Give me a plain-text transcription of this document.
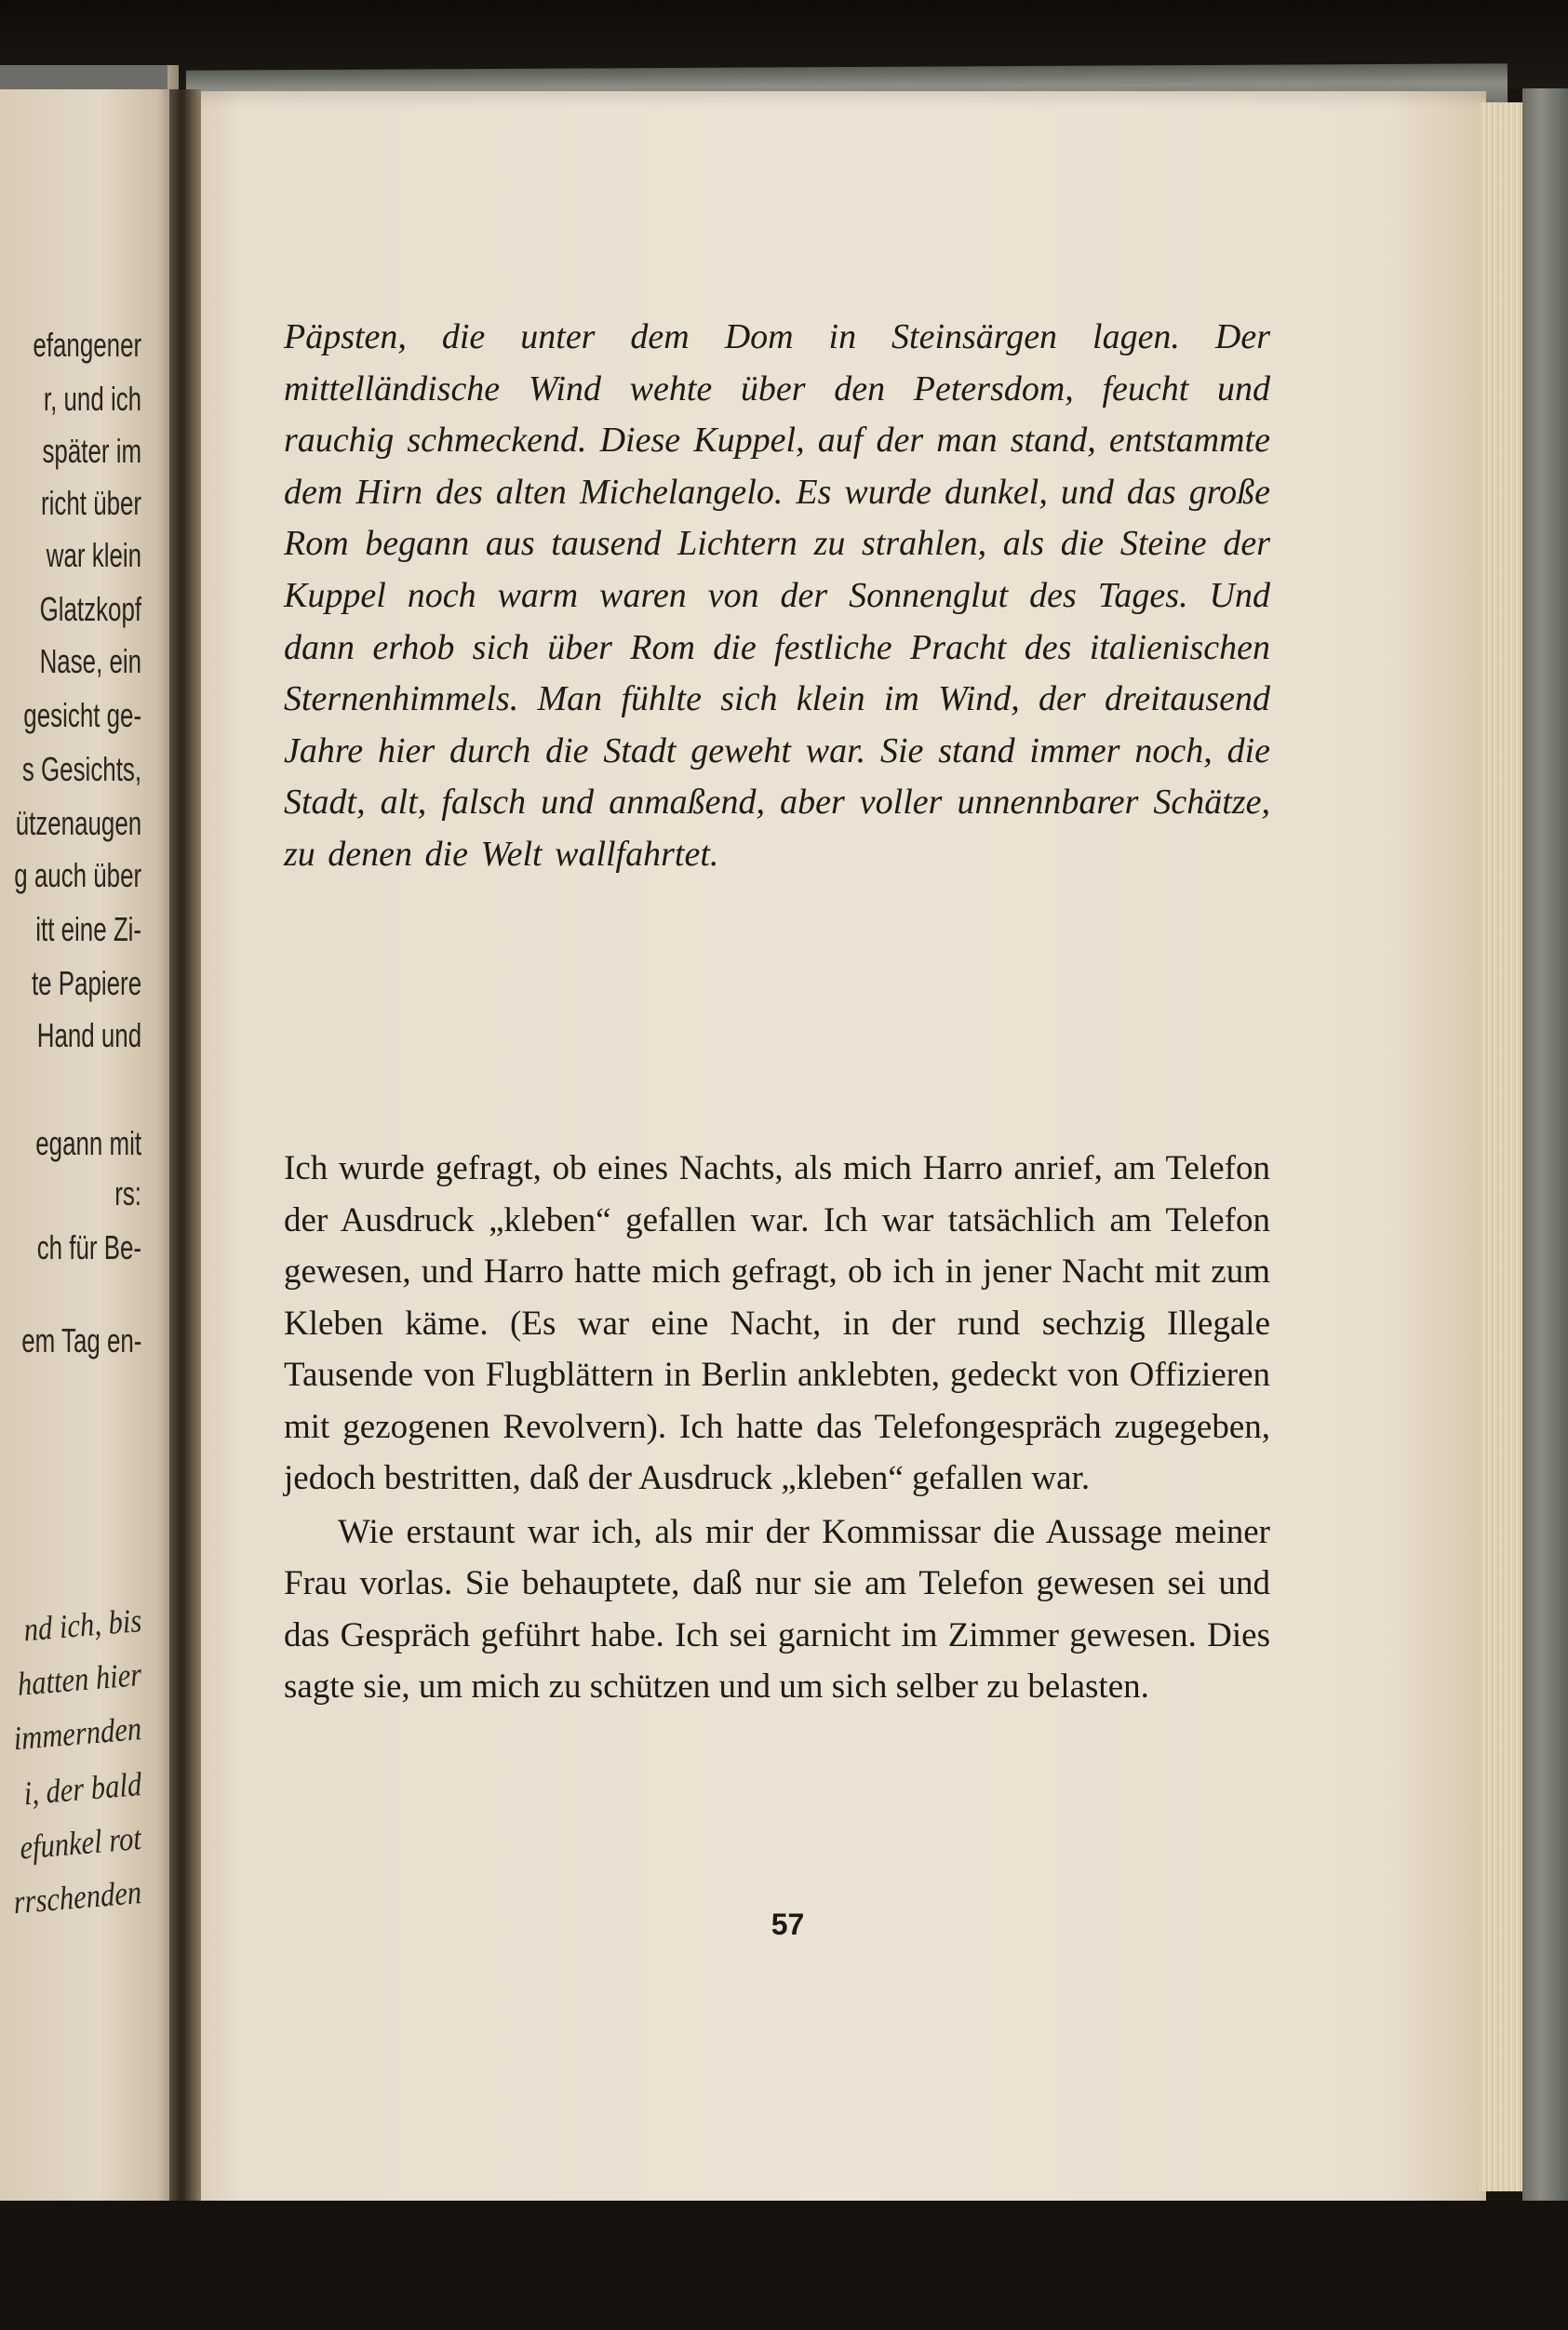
efangener

r, und ich

später im

richt über

war klein

Glatzkopf

Nase, ein

gesicht ge-

s Gesichts,

ützenaugen

g auch über

itt eine Zi-

te Papiere

Hand und

egann mit

rs:

ch für Be-

em Tag en-

nd ich, bis

hatten hier

immernden

i, der bald

efunkel rot

rrschenden

Päpsten, die unter dem Dom in Steinsärgen lagen. Der mittelländische Wind wehte über den Petersdom, feucht und rauchig schmeckend. Diese Kuppel, auf der man stand, entstammte dem Hirn des alten Michelangelo. Es wurde dunkel, und das große Rom begann aus tausend Lichtern zu strahlen, als die Steine der Kuppel noch warm waren von der Sonnenglut des Tages. Und dann erhob sich über Rom die festliche Pracht des italienischen Sternenhimmels. Man fühlte sich klein im Wind, der dreitausend Jahre hier durch die Stadt geweht war. Sie stand immer noch, die Stadt, alt, falsch und anmaßend, aber voller unnennbarer Schätze, zu denen die Welt wallfahrtet.

Ich wurde gefragt, ob eines Nachts, als mich Harro anrief, am Telefon der Ausdruck „kleben“ gefallen war. Ich war tatsächlich am Telefon gewesen, und Harro hatte mich gefragt, ob ich in jener Nacht mit zum Kleben käme. (Es war eine Nacht, in der rund sechzig Illegale Tausende von Flugblättern in Berlin anklebten, gedeckt von Offizieren mit gezogenen Revolvern). Ich hatte das Telefongespräch zugegeben, jedoch bestritten, daß der Ausdruck „kleben“ gefallen war.

Wie erstaunt war ich, als mir der Kommissar die Aussage meiner Frau vorlas. Sie behauptete, daß nur sie am Telefon gewesen sei und das Gespräch geführt habe. Ich sei garnicht im Zimmer gewesen. Dies sagte sie, um mich zu schützen und um sich selber zu belasten.

57
